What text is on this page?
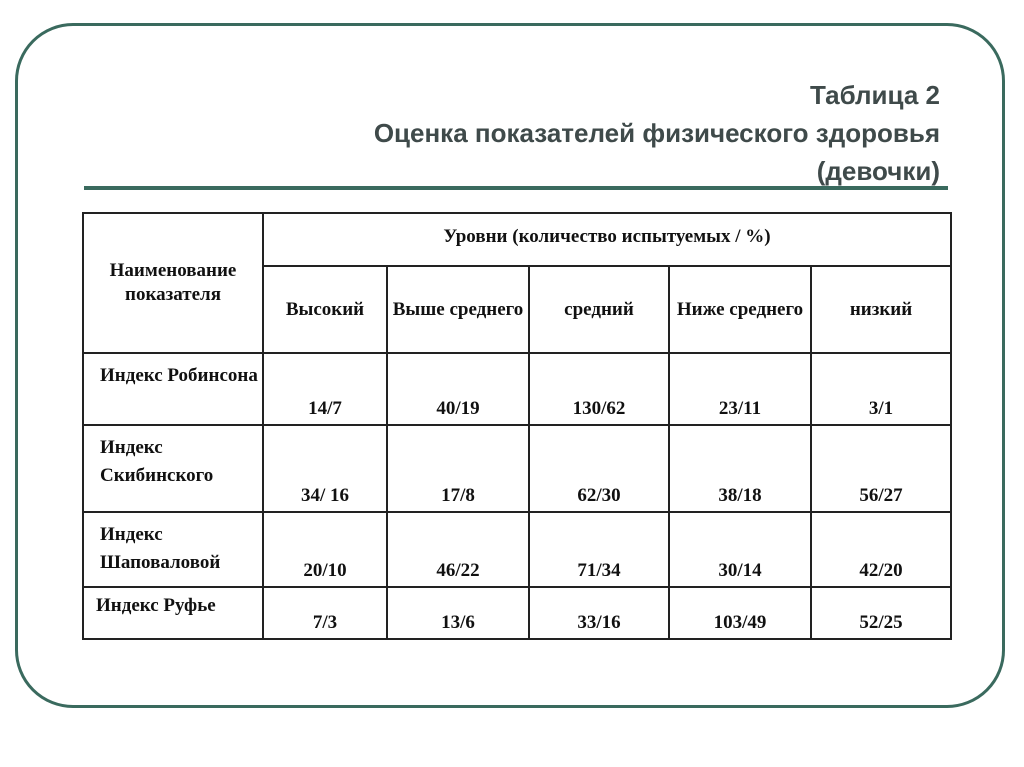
Таблица 2
Оценка показателей физического здоровья
(девочки)
Наименование показателя	Уровни (количество испытуемых / %)				
	Высокий	Выше среднего	средний	Ниже среднего	низкий
Индекс Робинсона	14/7	40/19	130/62	23/11	3/1
Индекс Скибинского	34/ 16	17/8	62/30	38/18	56/27
Индекс Шаповаловой	20/10	46/22	71/34	30/14	42/20
Индекс Руфье	7/3	13/6	33/16	103/49	52/25
